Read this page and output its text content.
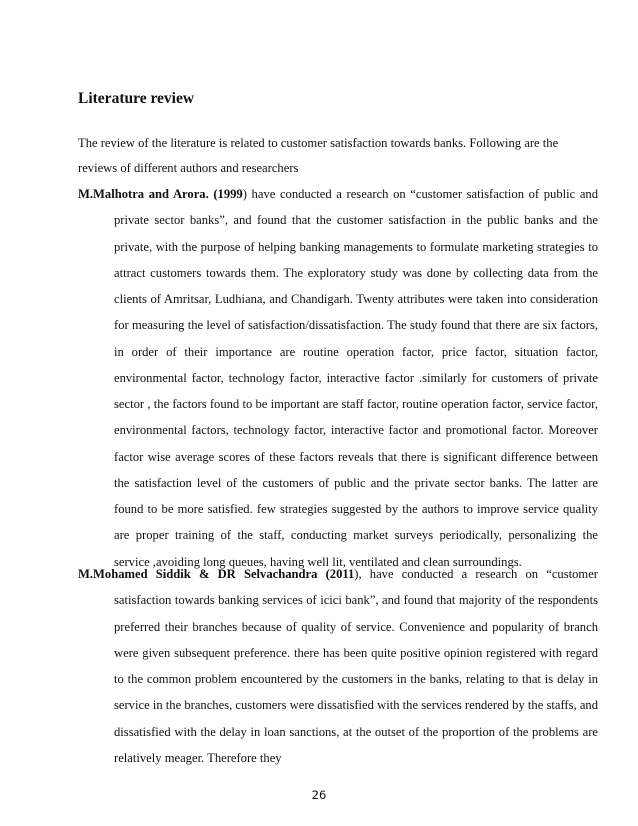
Literature review

The review of the literature is related to customer satisfaction towards banks. Following are the reviews of different authors and researchers

M.Malhotra and Arora. (1999) have conducted a research on “customer satisfaction of public and private sector banks”, and found that the customer satisfaction in the public banks and the private, with the purpose of helping banking managements to formulate marketing strategies to attract customers towards them. The exploratory study was done by collecting data from the clients of Amritsar, Ludhiana, and Chandigarh. Twenty attributes were taken into consideration for measuring the level of satisfaction/dissatisfaction. The study found that there are six factors, in order of their importance are routine operation factor, price factor, situation factor, environmental factor, technology factor, interactive factor .similarly for customers of private sector , the factors found to be important are staff factor, routine operation factor, service factor, environmental factors, technology factor, interactive factor and promotional factor. Moreover factor wise average scores of these factors reveals that there is significant difference between the satisfaction level of the customers of public and the private sector banks. The latter are found to be more satisfied. few strategies suggested by the authors to improve service quality are proper training of the staff, conducting market surveys periodically, personalizing the service ,avoiding long queues, having well lit, ventilated and clean surroundings.

M.Mohamed Siddik & DR Selvachandra (2011), have conducted a research on “customer satisfaction towards banking services of icici bank”, and found that majority of the respondents preferred their branches because of quality of service. Convenience and popularity of branch were given subsequent preference. there has been quite positive opinion registered with regard to the common problem encountered by the customers in the banks, relating to that is delay in service in the branches, customers were dissatisfied with the services rendered by the staffs, and dissatisfied with the delay in loan sanctions, at the outset of the proportion of the problems are relatively meager. Therefore they

26
